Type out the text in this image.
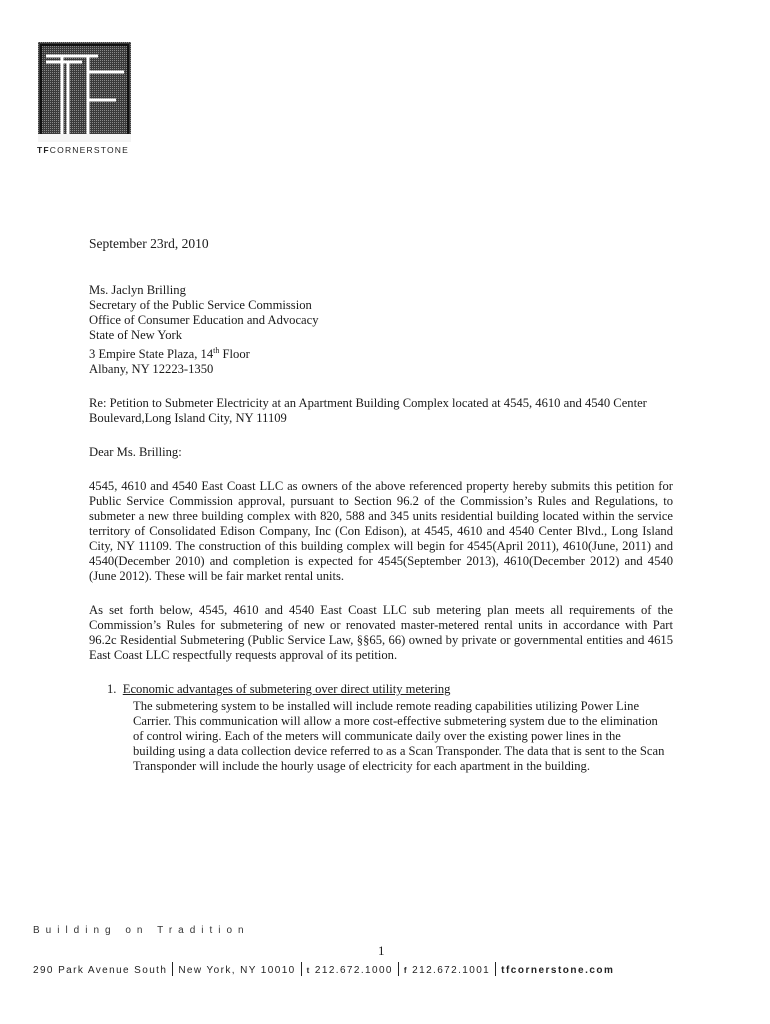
TFCORNERSTONE

September 23rd, 2010

Ms. Jaclyn Brilling

Secretary of the Public Service Commission

Office of Consumer Education and Advocacy

State of New York

3 Empire State Plaza, 14th Floor

Albany, NY 12223-1350

Re: Petition to Submeter Electricity at an Apartment Building Complex located at 4545, 4610 and 4540 Center Boulevard,Long Island City, NY 11109

Dear Ms. Brilling:

4545, 4610 and 4540 East Coast LLC as owners of the above referenced property hereby submits this petition for Public Service Commission approval, pursuant to Section 96.2 of the Commission’s Rules and Regulations, to submeter a new three building complex with 820, 588 and 345 units residential building located within the service territory of Consolidated Edison Company, Inc (Con Edison), at 4545, 4610 and 4540 Center Blvd., Long Island City, NY 11109. The construction of this building complex will begin for 4545(April 2011), 4610(June, 2011) and 4540(December 2010) and completion is expected for 4545(September 2013), 4610(December 2012) and 4540 (June 2012). These will be fair market rental units.

As set forth below, 4545, 4610 and 4540 East Coast LLC sub metering plan meets all requirements of the Commission’s Rules for submetering of new or renovated master-metered rental units in accordance with Part 96.2c Residential Submetering (Public Service Law, §§65, 66) owned by private or governmental entities and 4615 East Coast LLC respectfully requests approval of its petition.

1. Economic advantages of submetering over direct utility metering

The submetering system to be installed will include remote reading capabilities utilizing Power Line Carrier. This communication will allow a more cost-effective submetering system due to the elimination of control wiring. Each of the meters will communicate daily over the existing power lines in the building using a data collection device referred to as a Scan Transponder. The data that is sent to the Scan Transponder will include the hourly usage of electricity for each apartment in the building.

Building on Tradition
1
290 Park Avenue South New York, NY 10010 t 212.672.1000 f 212.672.1001 tfcornerstone.com
